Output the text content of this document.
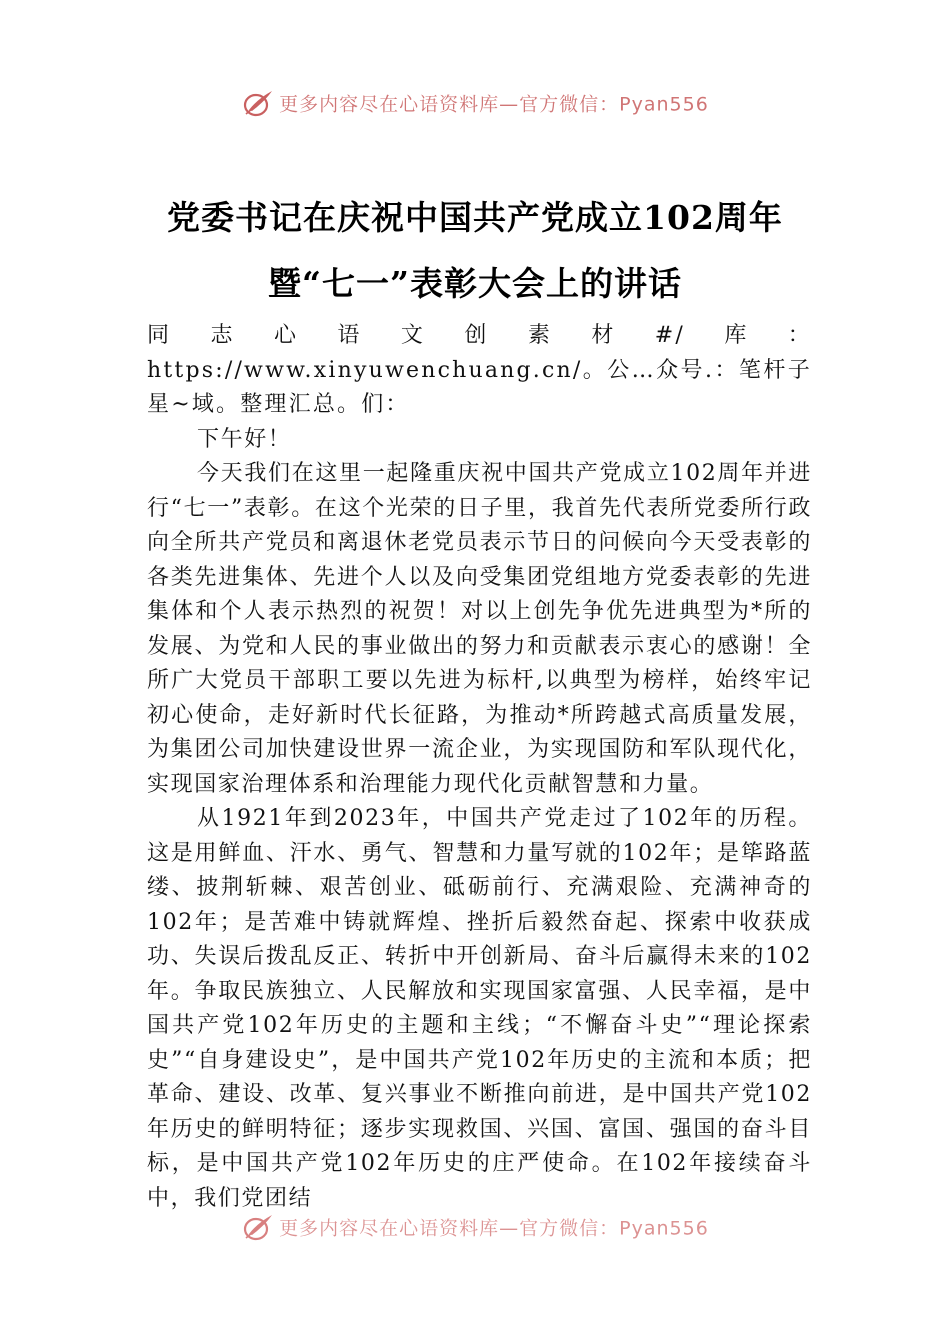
更多内容尽在心语资料库—官方微信：Pyan556
党委书记在庆祝中国共产党成立102周年
暨“七一”表彰大会上的讲话

同志心语文创素材#/库：https://www.xinyuwenchuang.cn/。公…众号.：笔杆子星~域。整理汇总。们：

下午好！

今天我们在这里一起隆重庆祝中国共产党成立102周年并进行“七一”表彰。在这个光荣的日子里，我首先代表所党委所行政向全所共产党员和离退休老党员表示节日的问候向今天受表彰的各类先进集体、先进个人以及向受集团党组地方党委表彰的先进集体和个人表示热烈的祝贺！对以上创先争优先进典型为*所的发展、为党和人民的事业做出的努力和贡献表示衷心的感谢！全所广大党员干部职工要以先进为标杆,以典型为榜样，始终牢记初心使命，走好新时代长征路，为推动*所跨越式高质量发展，为集团公司加快建设世界一流企业，为实现国防和军队现代化，实现国家治理体系和治理能力现代化贡献智慧和力量。

从1921年到2023年，中国共产党走过了102年的历程。这是用鲜血、汗水、勇气、智慧和力量写就的102年；是筚路蓝缕、披荆斩棘、艰苦创业、砥砺前行、充满艰险、充满神奇的102年；是苦难中铸就辉煌、挫折后毅然奋起、探索中收获成功、失误后拨乱反正、转折中开创新局、奋斗后赢得未来的102年。争取民族独立、人民解放和实现国家富强、人民幸福，是中国共产党102年历史的主题和主线；“不懈奋斗史”“理论探索史”“自身建设史”，是中国共产党102年历史的主流和本质；把革命、建设、改革、复兴事业不断推向前进，是中国共产党102年历史的鲜明特征；逐步实现救国、兴国、富国、强国的奋斗目标，是中国共产党102年历史的庄严使命。在102年接续奋斗中，我们党团结

更多内容尽在心语资料库—官方微信：Pyan556
